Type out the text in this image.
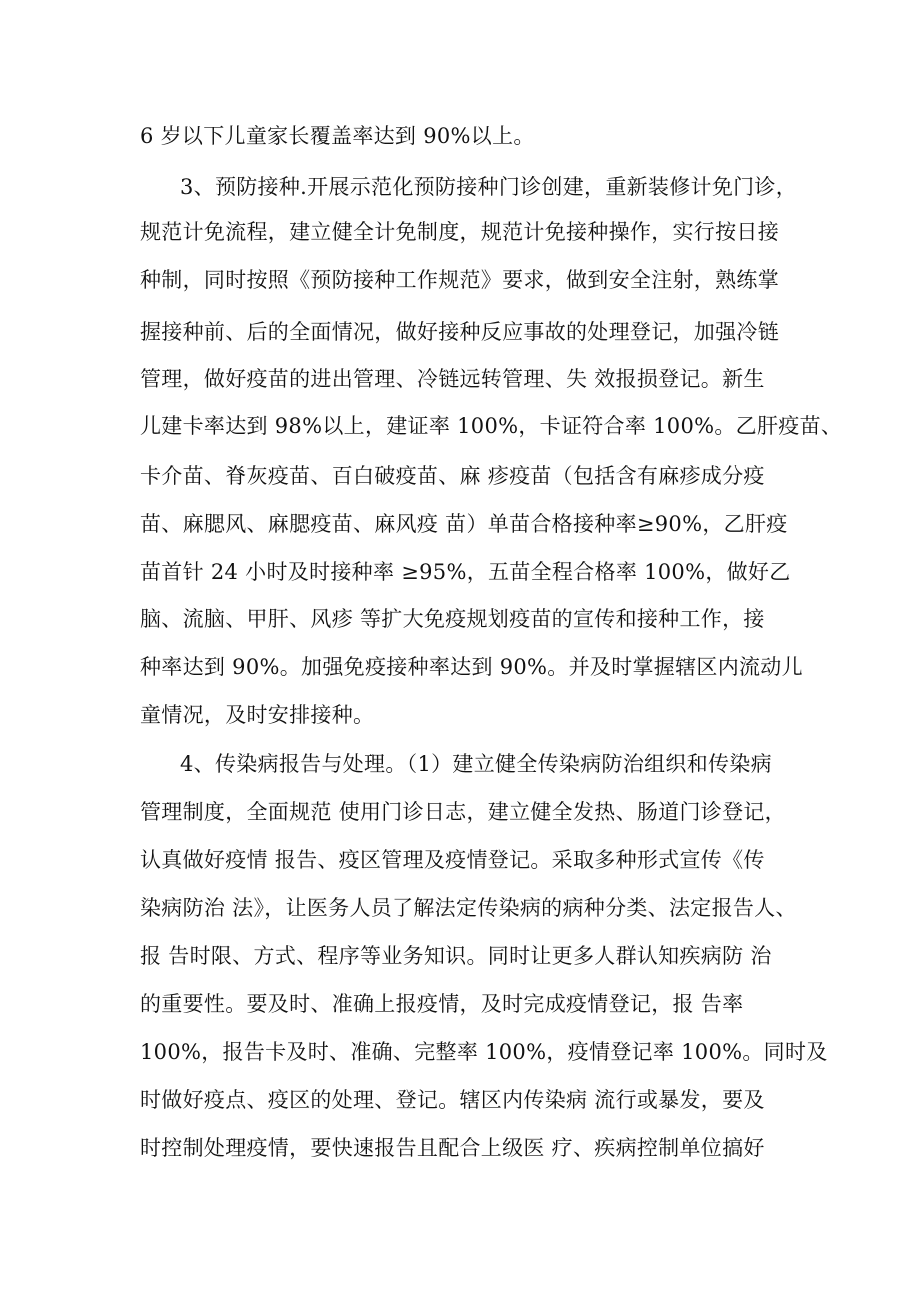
6 岁以下儿童家长覆盖率达到 90%以上。
3、预防接种.开展示范化预防接种门诊创建，重新装修计免门诊，
规范计免流程，建立健全计免制度，规范计免接种操作，实行按日接
种制，同时按照《预防接种工作规范》要求，做到安全注射，熟练掌
握接种前、后的全面情况，做好接种反应事故的处理登记，加强冷链
管理，做好疫苗的进出管理、冷链远转管理、失 效报损登记。新生
儿建卡率达到 98%以上，建证率 100%，卡证符合率 100%。乙肝疫苗、
卡介苗、脊灰疫苗、百白破疫苗、麻 疹疫苗（包括含有麻疹成分疫
苗、麻腮风、麻腮疫苗、麻风疫 苗）单苗合格接种率≥90%，乙肝疫
苗首针 24 小时及时接种率 ≥95%，五苗全程合格率 100%，做好乙
脑、流脑、甲肝、风疹 等扩大免疫规划疫苗的宣传和接种工作，接
种率达到 90%。加强免疫接种率达到 90%。并及时掌握辖区内流动儿
童情况，及时安排接种。
4、传染病报告与处理。（1）建立健全传染病防治组织和传染病
管理制度，全面规范 使用门诊日志，建立健全发热、肠道门诊登记，
认真做好疫情 报告、疫区管理及疫情登记。采取多种形式宣传《传
染病防治 法》，让医务人员了解法定传染病的病种分类、法定报告人、
报 告时限、方式、程序等业务知识。同时让更多人群认知疾病防 治
的重要性。要及时、准确上报疫情，及时完成疫情登记，报 告率
100%，报告卡及时、准确、完整率 100%，疫情登记率 100%。同时及
时做好疫点、疫区的处理、登记。辖区内传染病 流行或暴发，要及
时控制处理疫情，要快速报告且配合上级医 疗、疾病控制单位搞好
